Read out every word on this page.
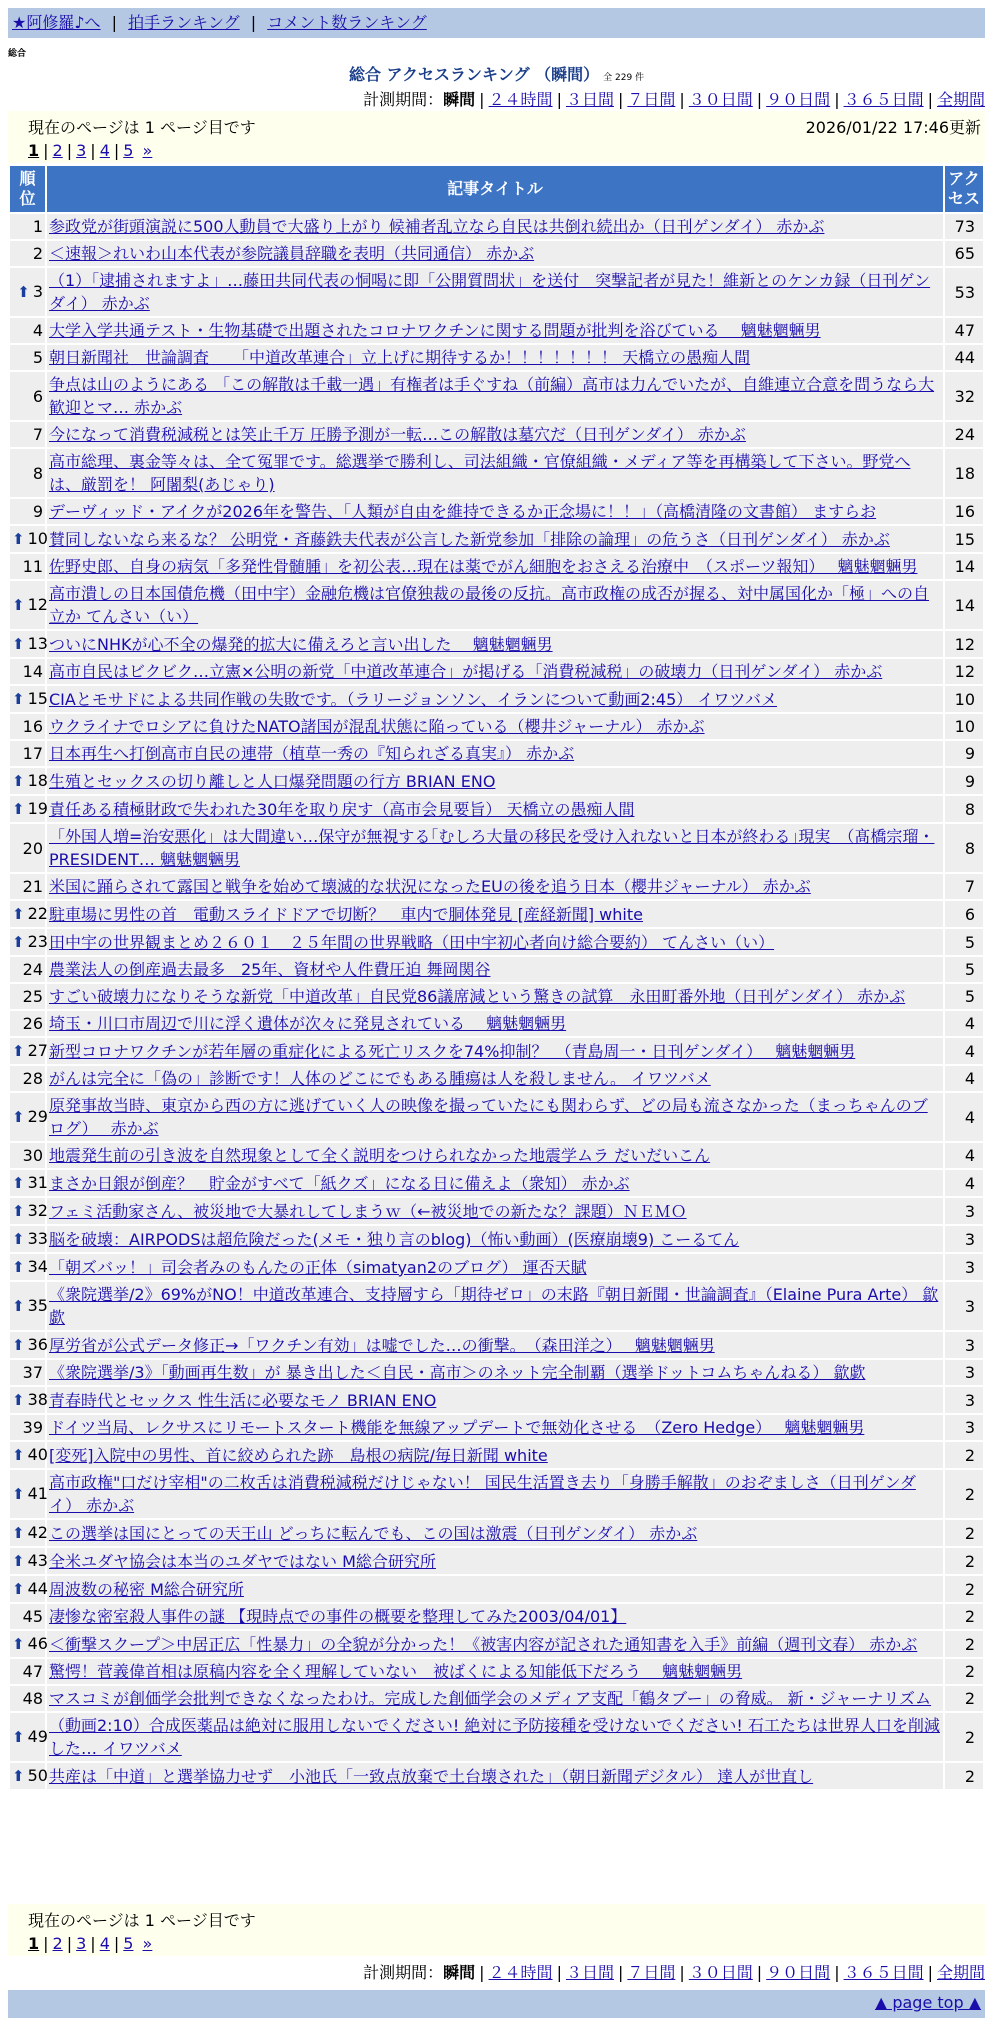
★阿修羅♪へ | 拍手ランキング | コメント数ランキング
総合
総合 アクセスランキング （瞬間） 全 229 件
計測期間：瞬間 | ２４時間 | ３日間 | ７日間 | ３０日間 | ９０日間 | ３６５日間 | 全期間
現在のページは 1 ページ目です	2026/01/22 17:46更新
1 | 2 | 3 | 4 | 5 »
順位	記事タイトル	アクセス
1	参政党が街頭演説に500人動員で大盛り上がり 候補者乱立なら自民は共倒れ続出か（日刊ゲンダイ） 赤かぶ	73
2	＜速報＞れいわ山本代表が参院議員辞職を表明（共同通信） 赤かぶ	65
⬆ 3	（1）「逮捕されますよ」…藤田共同代表の恫喝に即「公開質問状」を送付　突撃記者が見た！維新とのケンカ録（日刊ゲンダイ） 赤かぶ	53
4	大学入学共通テスト・生物基礎で出題されたコロナワクチンに関する問題が批判を浴びている　 魑魅魍魎男	47
5	朝日新聞社　世論調査　　「中道改革連合」立上げに期待するか！！！！！！！ 天橋立の愚痴人間	44
6	争点は山のようにある 「この解散は千載一遇」有権者は手ぐすね（前編）高市は力んでいたが、自維連立合意を問うなら大歓迎とマ… 赤かぶ	32
7	今になって消費税減税とは笑止千万 圧勝予測が一転…この解散は墓穴だ（日刊ゲンダイ） 赤かぶ	24
8	高市総理、裏金等々は、全て冤罪です。総選挙で勝利し、司法組織・官僚組織・メディア等を再構築して下さい。野党へは、厳罰を！ 阿闍梨(あじゃり)	18
9	デーヴィッド・アイクが2026年を警告、「人類が自由を維持できるか正念場に！！」（高橋清隆の文書館） ますらお	16
⬆ 10	賛同しないなら来るな？ 公明党・斉藤鉄夫代表が公言した新党参加「排除の論理」の危うさ（日刊ゲンダイ） 赤かぶ	15
11	佐野史郎、自身の病気「多発性骨髄腫」を初公表…現在は薬でがん細胞をおさえる治療中　（スポーツ報知）　 魑魅魍魎男	14
⬆ 12	高市潰しの日本国債危機（田中宇）金融危機は官僚独裁の最後の反抗。高市政権の成否が握る、対中属国化か「極」への自立か てんさい（い）	14
⬆ 13	ついにNHKが心不全の爆発的拡大に備えろと言い出した　 魑魅魍魎男	12
14	高市自民はビクビク…立憲×公明の新党「中道改革連合」が掲げる「消費税減税」の破壊力（日刊ゲンダイ） 赤かぶ	12
⬆ 15	CIAとモサドによる共同作戦の失敗です。（ラリージョンソン、イランについて動画2:45） イワツバメ	10
16	ウクライナでロシアに負けたNATO諸国が混乱状態に陥っている（櫻井ジャーナル） 赤かぶ	10
17	日本再生へ打倒高市自民の連帯（植草一秀の『知られざる真実』） 赤かぶ	9
⬆ 18	生殖とセックスの切り離しと人口爆発問題の行方 BRIAN ENO	9
⬆ 19	責任ある積極財政で失われた30年を取り戻す（高市会見要旨） 天橋立の愚痴人間	8
20	「外国人増=治安悪化」は大間違い…保守が無視する｢むしろ大量の移民を受け入れないと日本が終わる｣現実　（髙橋宗瑠・PRESIDENT… 魑魅魍魎男	8
21	米国に踊らされて露国と戦争を始めて壊滅的な状況になったEUの後を追う日本（櫻井ジャーナル） 赤かぶ	7
⬆ 22	駐車場に男性の首　電動スライドドアで切断？　車内で胴体発見 [産経新聞] white	6
⬆ 23	田中宇の世界観まとめ２６０１　２５年間の世界戦略（田中宇初心者向け総合要約） てんさい（い）	5
24	農業法人の倒産過去最多　25年、資材や人件費圧迫 舞岡関谷	5
25	すごい破壊力になりそうな新党「中道改革」自民党86議席減という驚きの試算　永田町番外地（日刊ゲンダイ） 赤かぶ	5
26	埼玉・川口市周辺で川に浮く遺体が次々に発見されている　 魑魅魍魎男	4
⬆ 27	新型コロナワクチンが若年層の重症化による死亡リスクを74%抑制？　（青島周一・日刊ゲンダイ）　 魑魅魍魎男	4
28	がんは完全に「偽の」診断です！人体のどこにでもある腫瘍は人を殺しません。 イワツバメ	4
⬆ 29	原発事故当時、東京から西の方に逃げていく人の映像を撮っていたにも関わらず、どの局も流さなかった（まっちゃんのブログ）　 赤かぶ	4
30	地震発生前の引き波を自然現象として全く説明をつけられなかった地震学ムラ だいだいこん	4
⬆ 31	まさか日銀が倒産？　貯金がすべて「紙クズ」になる日に備えよ（衆知） 赤かぶ	4
⬆ 32	フェミ活動家さん、被災地で大暴れしてしまうｗ（←被災地での新たな？課題）ＮＥＭＯ	3
⬆ 33	脳を破壊：AIRPODSは超危険だった(メモ・独り言のblog)（怖い動画）(医療崩壊9) こーるてん	3
⬆ 34	「朝ズバッ！」司会者みのもんたの正体（simatyan2のブログ） 運否天賦	3
⬆ 35	《衆院選挙/2》69%がNO！中道改革連合、支持層すら「期待ゼロ」の末路『朝日新聞・世論調査』（Elaine Pura Arte） 歙歔	3
⬆ 36	厚労省が公式データ修正→「ワクチン有効」は嘘でした…の衝撃。　（森田洋之）　 魑魅魍魎男	3
37	《衆院選挙/3》「動画再生数」が 暴き出した＜自民・高市＞のネット完全制覇（選挙ドットコムちゃんねる） 歙歔	3
⬆ 38	青春時代とセックス 性生活に必要なモノ BRIAN ENO	3
39	ドイツ当局、レクサスにリモートスタート機能を無線アップデートで無効化させる　（Zero Hedge）　 魑魅魍魎男	3
⬆ 40	[変死]入院中の男性、首に絞められた跡　島根の病院/毎日新聞 white	2
⬆ 41	高市政権"口だけ宰相"の二枚舌は消費税減税だけじゃない！ 国民生活置き去り「身勝手解散」のおぞましさ（日刊ゲンダイ） 赤かぶ	2
⬆ 42	この選挙は国にとっての天王山 どっちに転んでも、この国は激震（日刊ゲンダイ） 赤かぶ	2
⬆ 43	全米ユダヤ協会は本当のユダヤではない M総合研究所	2
⬆ 44	周波数の秘密 M総合研究所	2
45	凄惨な密室殺人事件の謎 【現時点での事件の概要を整理してみた2003/04/01】	2
⬆ 46	＜衝撃スクープ＞中居正広「性暴力」の全貌が分かった！《被害内容が記された通知書を入手》前編（週刊文春） 赤かぶ	2
47	驚愕！菅義偉首相は原稿内容を全く理解していない　被ばくによる知能低下だろう　 魑魅魍魎男	2
48	マスコミが創価学会批判できなくなったわけ。完成した創価学会のメディア支配「鶴タブー」の脅威。 新・ジャーナリズム	2
⬆ 49	（動画2:10）合成医薬品は絶対に服用しないでください! 絶対に予防接種を受けないでください! 石工たちは世界人口を削減した… イワツバメ	2
⬆ 50	共産は「中道」と選挙協力せず　小池氏「一致点放棄で土台壊された」（朝日新聞デジタル） 達人が世直し	2
現在のページは 1 ページ目です
1 | 2 | 3 | 4 | 5 »
計測期間：瞬間 | ２４時間 | ３日間 | ７日間 | ３０日間 | ９０日間 | ３６５日間 | 全期間
▲ page top ▲
